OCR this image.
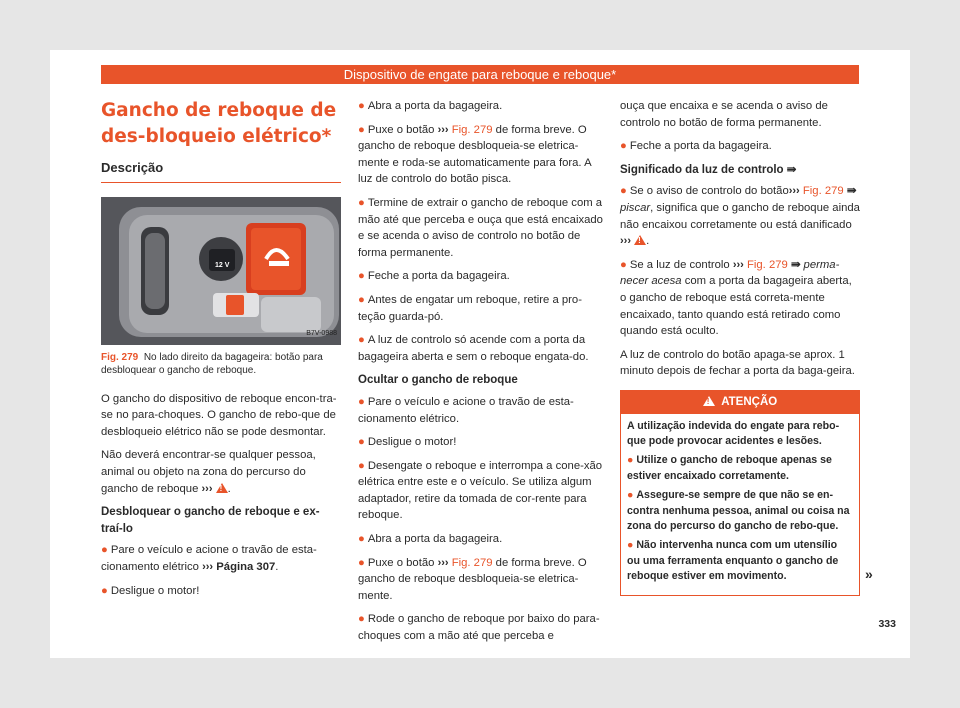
Dispositivo de engate para reboque e reboque*
Gancho de reboque de des-bloqueio elétrico*
Descrição
12 V
B7V-0988
Fig. 279 No lado direito da bagageira: botão para desbloquear o gancho de reboque.

O gancho do dispositivo de reboque encon-tra-se no para-choques. O gancho de rebo-que de desbloqueio elétrico não se pode desmontar.

Não deverá encontrar-se qualquer pessoa, animal ou objeto na zona do percurso do gancho de reboque ››› ! .

Desbloquear o gancho de reboque e ex-traí-lo

● Pare o veículo e acione o travão de esta-cionamento elétrico ››› Página 307.

● Desligue o motor!

● Abra a porta da bagageira.

● Puxe o botão ››› Fig. 279 de forma breve. O gancho de reboque desbloqueia-se eletrica-mente e roda-se automaticamente para fora. A luz de controlo do botão pisca.

● Termine de extrair o gancho de reboque com a mão até que perceba e ouça que está encaixado e se acenda o aviso de controlo no botão de forma permanente.

● Feche a porta da bagageira.

● Antes de engatar um reboque, retire a pro-teção guarda-pó.

● A luz de controlo só acende com a porta da bagageira aberta e sem o reboque engata-do.

Ocultar o gancho de reboque

● Pare o veículo e acione o travão de esta-cionamento elétrico.

● Desligue o motor!

● Desengate o reboque e interrompa a cone-xão elétrica entre este e o veículo. Se utiliza algum adaptador, retire da tomada de cor-rente para reboque.

● Abra a porta da bagageira.

● Puxe o botão ››› Fig. 279 de forma breve. O gancho de reboque desbloqueia-se eletrica-mente.

● Rode o gancho de reboque por baixo do para-choques com a mão até que perceba e

ouça que encaixa e se acenda o aviso de controlo no botão de forma permanente.

● Feche a porta da bagageira.

Significado da luz de controlo ⇛

● Se o aviso de controlo do botão››› Fig. 279 ⇛ piscar, significa que o gancho de reboque ainda não encaixou corretamente ou está danificado ››› ! .

● Se a luz de controlo ››› Fig. 279 ⇛ perma-necer acesa com a porta da bagageira aberta, o gancho de reboque está correta-mente encaixado, tanto quando está retirado como quando está oculto.

A luz de controlo do botão apaga-se aprox. 1 minuto depois de fechar a porta da baga-geira.

!  ATENÇÃO

A utilização indevida do engate para rebo-que pode provocar acidentes e lesões.

● Utilize o gancho de reboque apenas se estiver encaixado corretamente.

● Assegure-se sempre de que não se en-contra nenhuma pessoa, animal ou coisa na zona do percurso do gancho de rebo-que.

● Não intervenha nunca com um utensílio ou uma ferramenta enquanto o gancho de reboque estiver em movimento.	»
333
